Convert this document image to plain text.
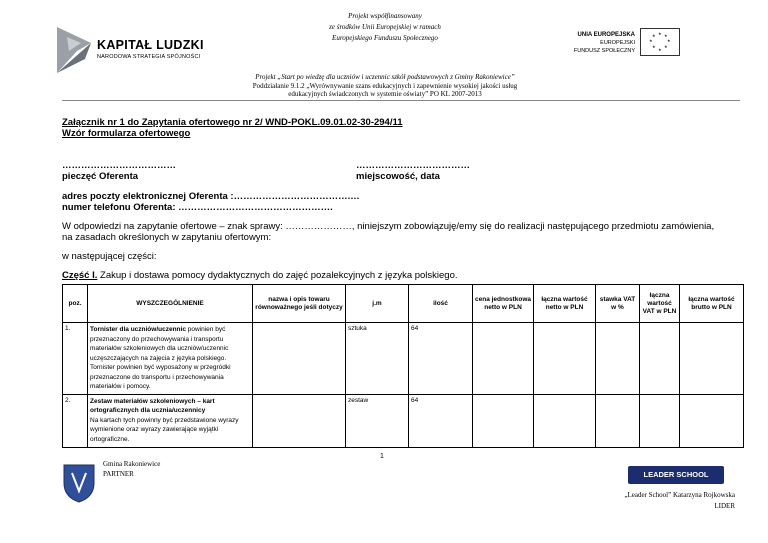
KAPITAŁ LUDZKI
NARODOWA STRATEGIA SPÓJNOŚCI
Projekt współfinansowany
ze środków Unii Europejskiej w ramach
Europejskiego Funduszu Społecznego	UNIA EUROPEJSKA
EUROPEJSKI
FUNDUSZ SPOŁECZNY
★ ★
★
★
★
★
★
★
Projekt „Start po wiedzę dla uczniów i uczennic szkół podstawowych z Gminy Rakoniewice”
Poddziałanie 9.1.2 „Wyrównywanie szans edukacyjnych i zapewnienie wysokiej jakości usług
edukacyjnych świadczonych w systemie oświaty” PO KL 2007-2013
Załącznik nr 1 do Zapytania ofertowego nr 2/ WND-POKL.09.01.02-30-294/11
Wzór formularza ofertowego
………………………………
pieczęć Oferenta
………………………………
miejscowość, data
adres poczty elektronicznej Oferenta :……………………………….…
numer telefonu Oferenta: ………………………………………….
W odpowiedzi na zapytanie ofertowe – znak sprawy: …………………, niniejszym zobowiązuję/emy się do realizacji następującego przedmiotu zamówienia,
na zasadach określonych w zapytaniu ofertowym:
w następującej części:
Część I. Zakup i dostawa pomocy dydaktycznych do zajęć pozalekcyjnych z języka polskiego.
poz.	WYSZCZEGÓLNIENIE	nazwa i opis towaru równoważnego jeśli dotyczy	j.m	ilość	cena jednostkowa netto w PLN	łączna wartość netto w PLN	stawka VAT w %	łączna wartość VAT w PLN	łączna wartość brutto w PLN
1.	Tornister dla uczniów/uczennic powinien być przeznaczony do przechowywania i transportu materiałów szkoleniowych dla uczniów/uczennic uczęszczających na zajęcia z języka polskiego. Tornister powinien być wyposażony w przegródki przeznaczone do transportu i przechowywania materiałów i pomocy.		sztuka	64					
2.	Zestaw materiałów szkoleniowych – kart ortograficznych dla ucznia/uczennicy
Na kartach tych powinny być przedstawione wyrazy wymienione oraz wyrazy zawierające wyjątki ortograficzne.		zestaw	64					
1
Gmina Rakoniewice
PARTNER	LEADER SCHOOL
„Leader School” Katarzyna Rojkowska
LIDER
